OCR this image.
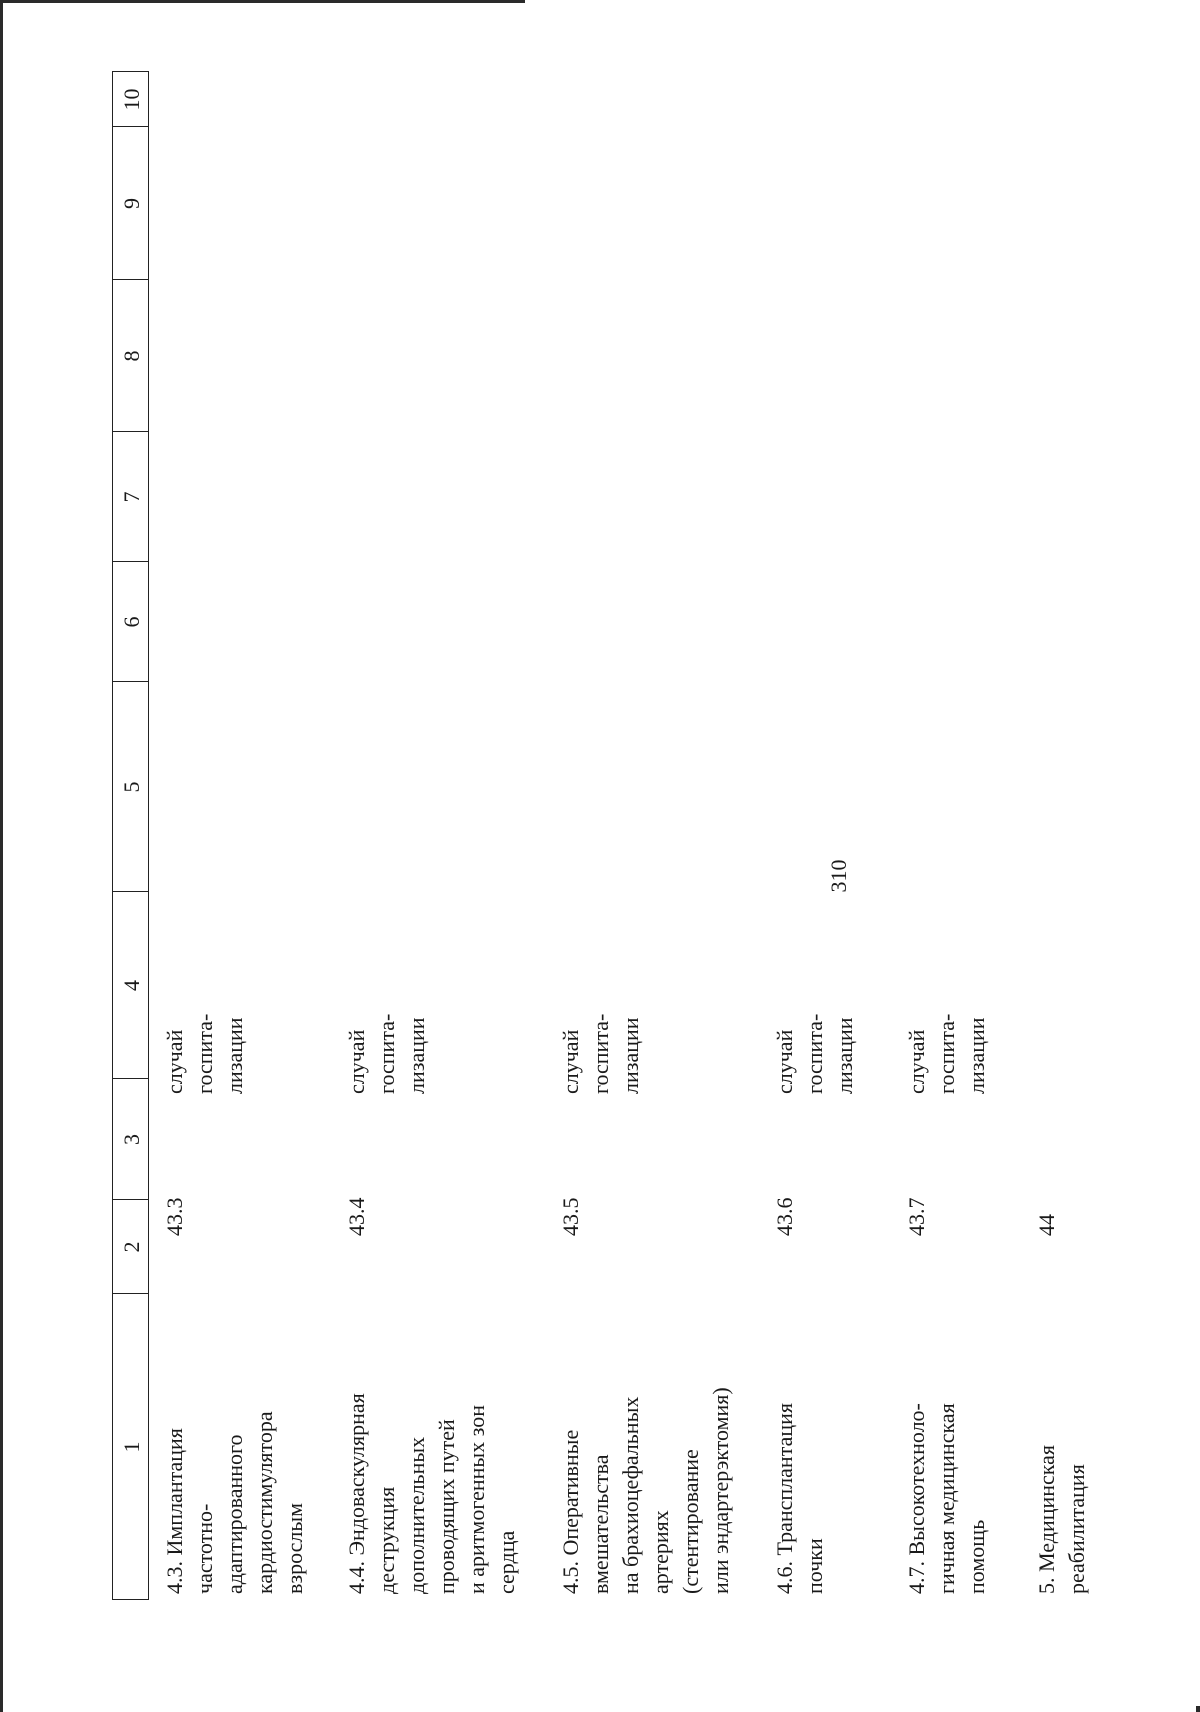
310
1
2
3
4
5
6
7
8
9
10
4.3. Имплантация
частотно-
адаптированного
кардиостимулятора
взрослым
43.3
случай
госпита-
лизации
4.4. Эндоваскулярная
деструкция
дополнительных
проводящих путей
и аритмогенных зон
сердца
43.4
случай
госпита-
лизации
4.5. Оперативные
вмешательства
на брахиоцефальных
артериях
(стентирование
или эндартерэктомия)
43.5
случай
госпита-
лизации
4.6. Трансплантация
почки
43.6
случай
госпита-
лизации
4.7. Высокотехноло-
гичная медицинская
помощь
43.7
случай
госпита-
лизации
5. Медицинская
реабилитация
44
